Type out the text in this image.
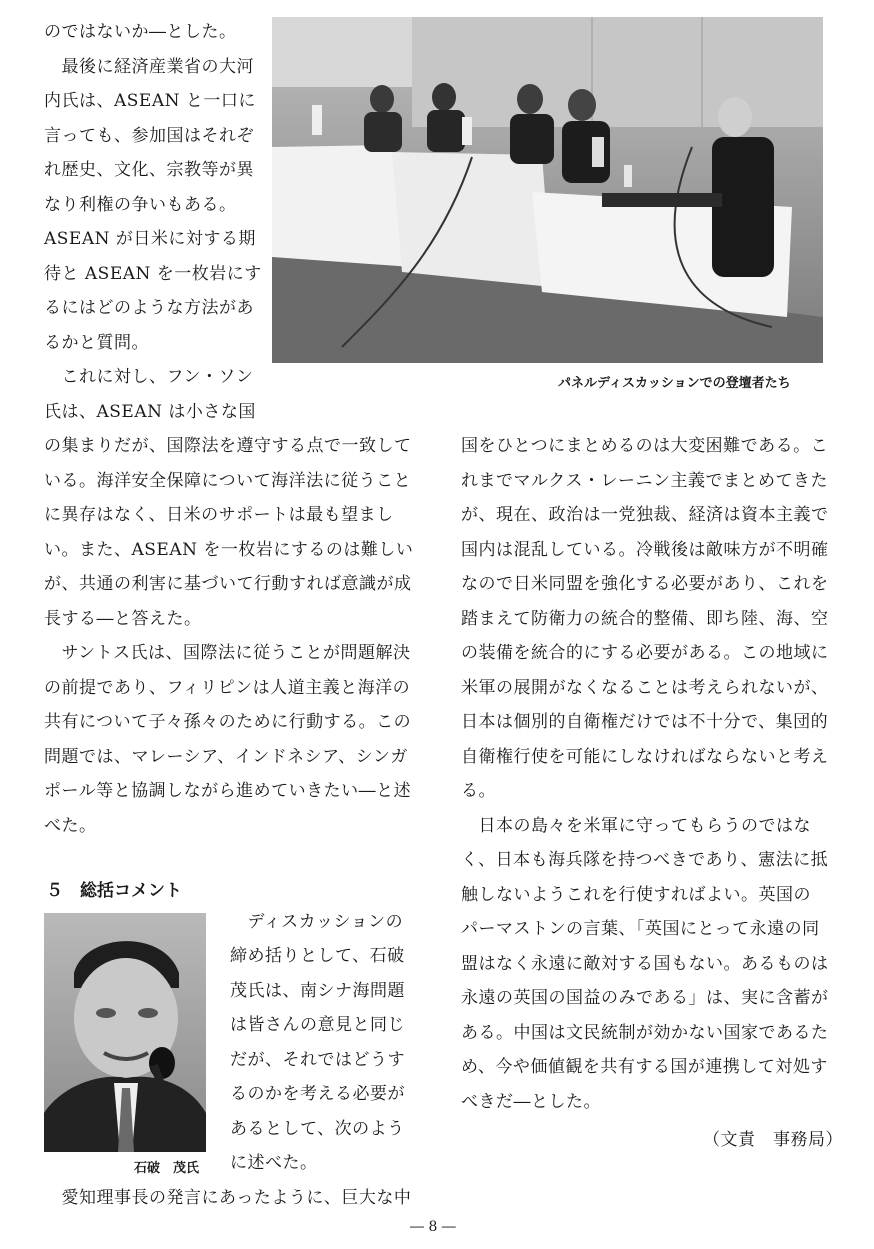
パネルディスカッションでの登壇者たち
のではないか―とした。
　最後に経済産業省の大河
内氏は、ASEAN と一口に
言っても、参加国はそれぞ
れ歴史、文化、宗教等が異
なり利権の争いもある。
ASEAN が日米に対する期
待と ASEAN を一枚岩にす
るにはどのような方法があ
るかと質問。
　これに対し、フン・ソン
氏は、ASEAN は小さな国
の集まりだが、国際法を遵守する点で一致して
いる。海洋安全保障について海洋法に従うこと
に異存はなく、日米のサポートは最も望まし
い。また、ASEAN を一枚岩にするのは難しい
が、共通の利害に基づいて行動すれば意識が成
長する―と答えた。
　サントス氏は、国際法に従うことが問題解決
の前提であり、フィリピンは人道主義と海洋の
共有について子々孫々のために行動する。この
問題では、マレーシア、インドネシア、シンガ
ポール等と協調しながら進めていきたい―と述
べた。
５　総括コメント
石破　茂氏
　ディスカッションの
締め括りとして、石破
茂氏は、南シナ海問題
は皆さんの意見と同じ
だが、それではどうす
るのかを考える必要が
あるとして、次のよう
に述べた。
　愛知理事長の発言にあったように、巨大な中
国をひとつにまとめるのは大変困難である。こ
れまでマルクス・レーニン主義でまとめてきた
が、現在、政治は一党独裁、経済は資本主義で
国内は混乱している。冷戦後は敵味方が不明確
なので日米同盟を強化する必要があり、これを
踏まえて防衛力の統合的整備、即ち陸、海、空
の装備を統合的にする必要がある。この地域に
米軍の展開がなくなることは考えられないが、
日本は個別的自衛権だけでは不十分で、集団的
自衛権行使を可能にしなければならないと考え
る。
　日本の島々を米軍に守ってもらうのではな
く、日本も海兵隊を持つべきであり、憲法に抵
触しないようこれを行使すればよい。英国の
パーマストンの言葉、「英国にとって永遠の同
盟はなく永遠に敵対する国もない。あるものは
永遠の英国の国益のみである」は、実に含蓄が
ある。中国は文民統制が効かない国家であるた
め、今や価値観を共有する国が連携して対処す
べきだ―とした。
（文責　事務局）
― 8 ―
